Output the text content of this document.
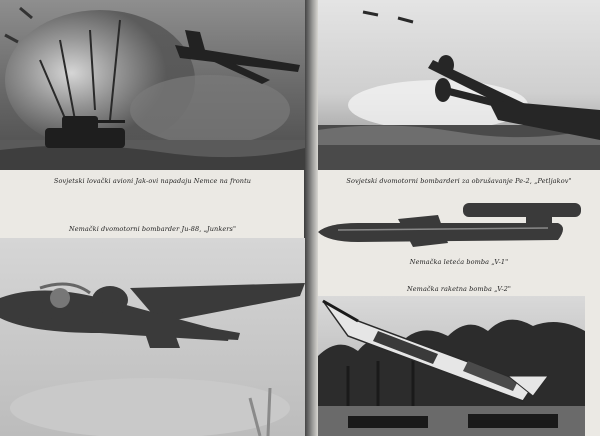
Sovjetski lovački avioni Jak-ovi napadaju Nemce na frontu
Nemački dvomotorni bombarder Ju-88, „Junkers"
Sovjetski dvomotorni bombarderi za obrušavanje Pe-2, „Petljakov"
Nemačka leteća bomba „V-1"
Nemačka raketna bomba „V-2"
